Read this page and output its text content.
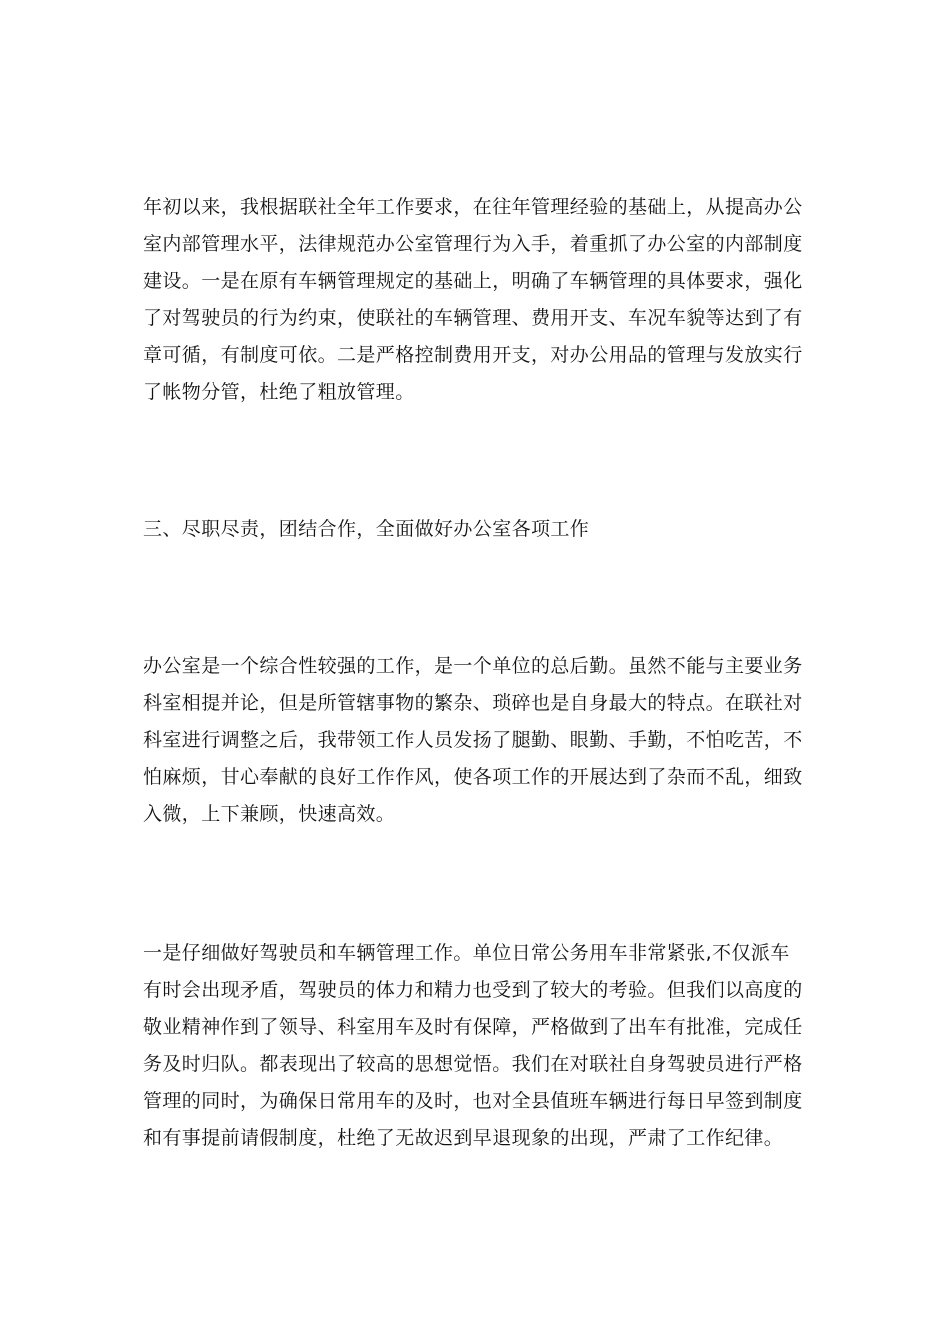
年初以来，我根据联社全年工作要求，在往年管理经验的基础上，从提高办公
室内部管理水平，法律规范办公室管理行为入手，着重抓了办公室的内部制度
建设。一是在原有车辆管理规定的基础上，明确了车辆管理的具体要求，强化
了对驾驶员的行为约束，使联社的车辆管理、费用开支、车况车貌等达到了有
章可循，有制度可依。二是严格控制费用开支，对办公用品的管理与发放实行
了帐物分管，杜绝了粗放管理。

三、尽职尽责，团结合作，全面做好办公室各项工作

办公室是一个综合性较强的工作，是一个单位的总后勤。虽然不能与主要业务
科室相提并论，但是所管辖事物的繁杂、琐碎也是自身最大的特点。在联社对
科室进行调整之后，我带领工作人员发扬了腿勤、眼勤、手勤，不怕吃苦，不
怕麻烦，甘心奉献的良好工作作风，使各项工作的开展达到了杂而不乱，细致
入微，上下兼顾，快速高效。

一是仔细做好驾驶员和车辆管理工作。单位日常公务用车非常紧张,不仅派车
有时会出现矛盾，驾驶员的体力和精力也受到了较大的考验。但我们以高度的
敬业精神作到了领导、科室用车及时有保障，严格做到了出车有批准，完成任
务及时归队。都表现出了较高的思想觉悟。我们在对联社自身驾驶员进行严格
管理的同时，为确保日常用车的及时，也对全县值班车辆进行每日早签到制度
和有事提前请假制度，杜绝了无故迟到早退现象的出现，严肃了工作纪律。
